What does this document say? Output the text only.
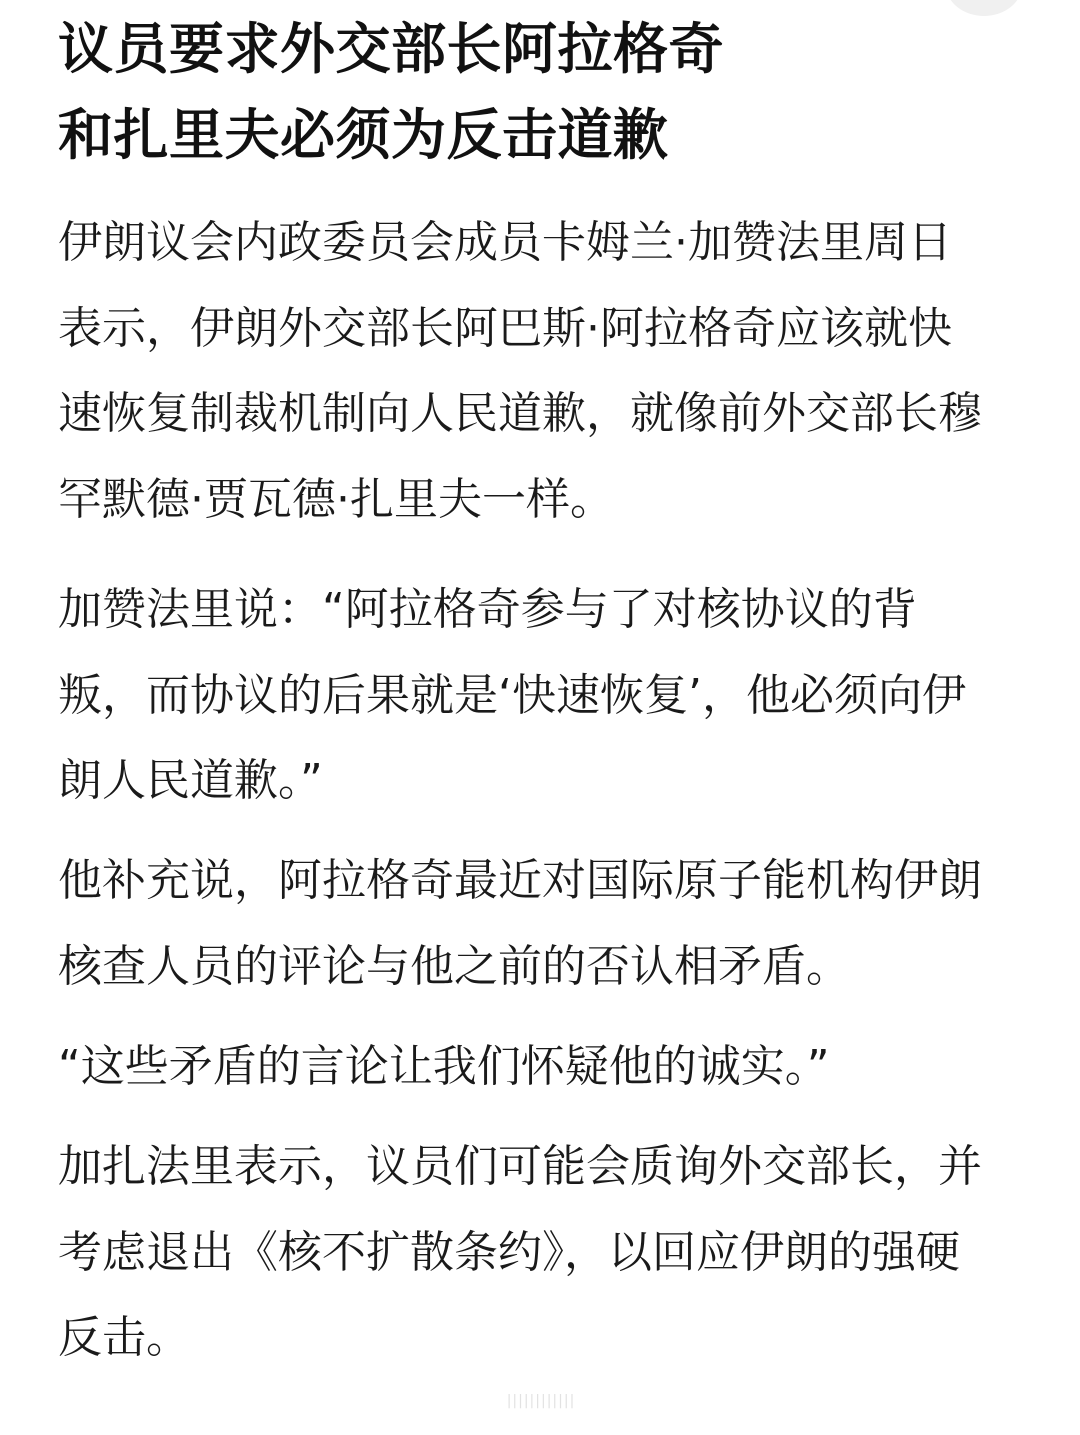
议员要求外交部长阿拉格奇
和扎里夫必须为反击道歉

伊朗议会内政委员会成员卡姆兰·加赞法里周日
表示，伊朗外交部长阿巴斯·阿拉格奇应该就快
速恢复制裁机制向人民道歉，就像前外交部长穆
罕默德·贾瓦德·扎里夫一样。

加赞法里说：“阿拉格奇参与了对核协议的背
叛，而协议的后果就是‘快速恢复’，他必须向伊
朗人民道歉。”

他补充说，阿拉格奇最近对国际原子能机构伊朗
核查人员的评论与他之前的否认相矛盾。

“这些矛盾的言论让我们怀疑他的诚实。”

加扎法里表示，议员们可能会质询外交部长，并
考虑退出《核不扩散条约》，以回应伊朗的强硬
反击。

||||||||||||
